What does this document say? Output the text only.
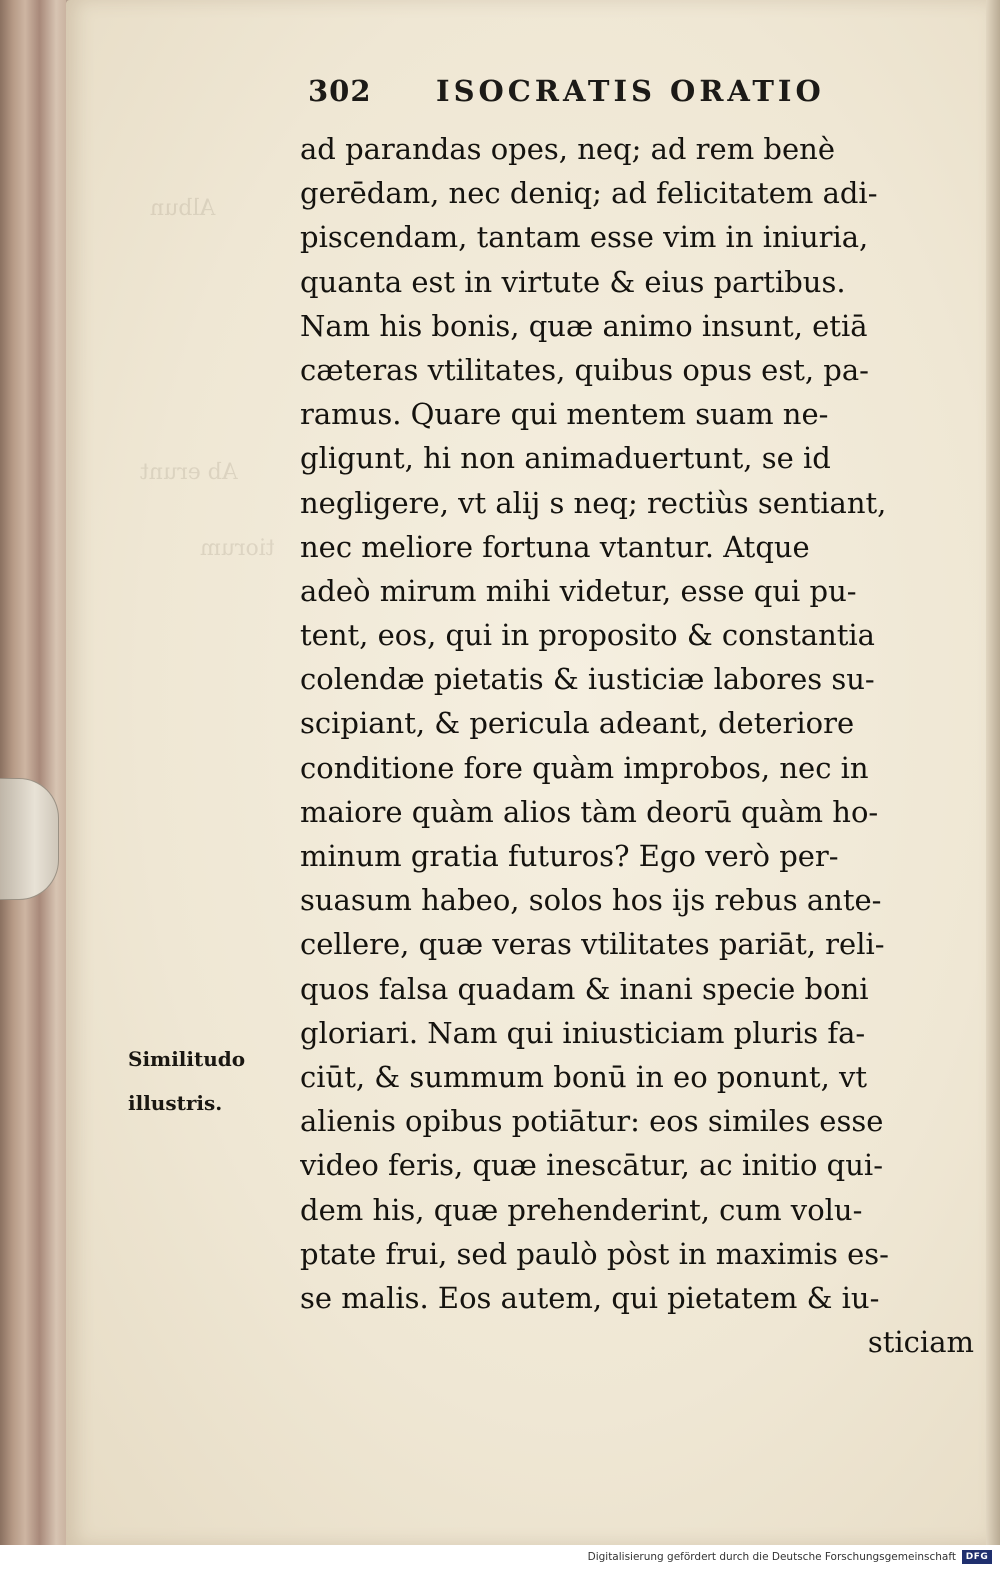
Albun
Ab erunt
tiorum
302 ISOCRATIS ORATIO
Similitudo
illustris.
ad parandas opes, neq; ad rem benè
gerēdam, nec deniq; ad felicitatem adi-
piscendam, tantam esse vim in iniuria,
quanta est in virtute & eius partibus.
Nam his bonis, quæ animo insunt, etiā
cæteras vtilitates, quibus opus est, pa-
ramus. Quare qui mentem suam ne-
gligunt, hi non animaduertunt, se id
negligere, vt alij s neq; rectiùs sentiant,
nec meliore fortuna vtantur. Atque
adeò mirum mihi videtur, esse qui pu-
tent, eos, qui in proposito & constantia
colendæ pietatis & iusticiæ labores su-
scipiant, & pericula adeant, deteriore
conditione fore quàm improbos, nec in
maiore quàm alios tàm deorū quàm ho-
minum gratia futuros? Ego verò per-
suasum habeo, solos hos ijs rebus ante-
cellere, quæ veras vtilitates pariāt, reli-
quos falsa quadam & inani specie boni
gloriari. Nam qui iniusticiam pluris fa-
ciūt, & summum bonū in eo ponunt, vt
alienis opibus potiātur: eos similes esse
video feris, quæ inescātur, ac initio qui-
dem his, quæ prehenderint, cum volu-
ptate frui, sed paulò pòst in maximis es-
se malis. Eos autem, qui pietatem & iu-
sticiam
Digitalisierung gefördert durch die Deutsche Forschungsgemeinschaft	DFG
